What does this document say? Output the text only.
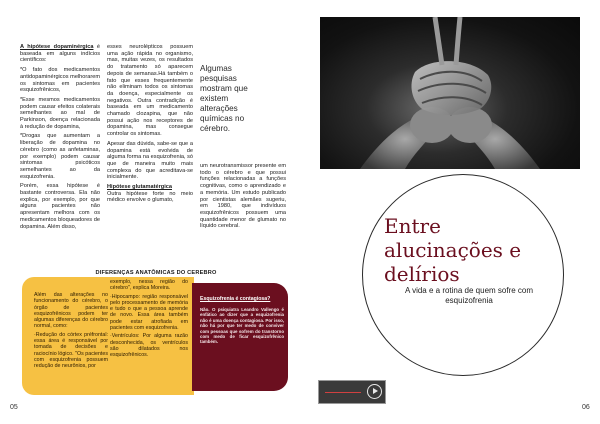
A hipótese dopaminérgica é baseada em alguns indícios científicos:

*O fato dos medicamentos antidopaminérgicos melhorarem os sintomas em pacientes esquizofrênicos,

*Esse mesmos medicamentos podem causar efeitos colaterais semelhantes ao mal de Parkinson, doença relacionada à redução de dopamina,

*Drogas que aumentam a liberação de dopamina no cérebro (como as anfetaminas, por exemplo) podem causar sintomas psicóticos semelhantes ao da esquizofrenia.

Porém, essa hipótese é bastante controversa. Ela não explica, por exemplo, por que alguns pacientes não apresentam melhora com os medicamentos bloqueadores de dopamina. Além disso,

esses neurolépticos possuem uma ação rápida no organismo, mas, muitas vezes, os resultados do tratamento só aparecem depois de semanas.Há também o fato que esses frequentemente não eliminam todos os sintomas da doença, especialmente os negativos. Outra contradição é baseada em um medicamento chamado clozapina, que não possui ação nos receptores de dopamina, mas consegue controlar os sintomas.

Apesar das dúvida, sabe-se que a dopamina está evolvida de alguma forma na esquizofrenia, só que de maneira muito mais complexa do que acreditava-se inicialmente.

Hipótese glutamatérgica
Outra hipótese forte no meio médico envolve o glumato,

Algumas pesquisas mostram que existem alterações químicas no cérebro.

um neurotransmissor presente em todo o cérebro e que possui funções relacionadas a funções cognitivas, como o aprendizado e a memória. Um estudo publicado por cientistas alemães sugeriu, em 1980, que indivíduos esquizofrênicos possuem uma quantidade menor de glumato no líquido cerebral.

DIFERENÇAS ANATÔMICAS DO CEREBRO

Além das alterações no funcionamento do cérebro, o órgão de pacientes esquizofrênicos podem ter algumas diferenças do cérebro normal, como:

·Redução do córtex préfrontal: essa área é responsável por tomada de decisões e raciocínio lógico. "Os pacientes com esquizofrenia possuem redução de neurônios, por

exemplo, nessa região do cérebro", explica Moreira.

·Hipocampo: região responsável pelo processamento de memória e tudo o que a pessoa aprende de novo. Essa área também pode estar atrofiada em pacientes com esquizofrenia.

·Ventrículos: Por alguma razão desconhecida, os ventrículos são dilatados nos esquizofrênicos.

Esquizofrenia é contagiosa?
Não. O psiquiatra Leandro Vallengo é enfático ao dizer que a esquizofrenia não é uma doença contagiosa. Por isso, não há por que ter medo de conviver com pessoas que sofrem do transtorno com medo de ficar esquizofrênico também.
05
Entre alucinações e delírios
A vida e a rotina de quem sofre com esquizofrenia
06
